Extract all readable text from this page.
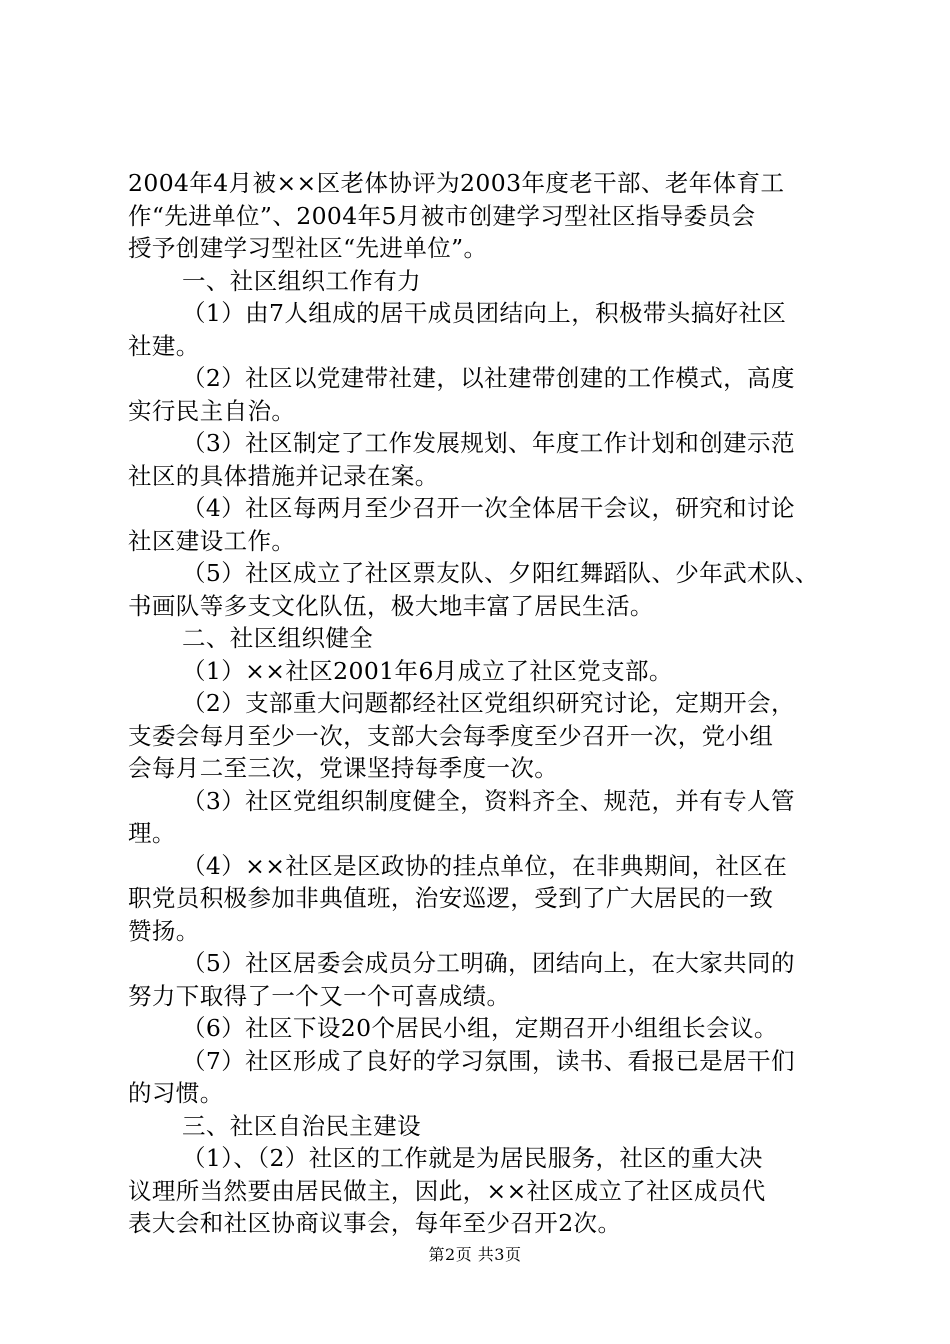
2004年4月被××区老体协评为2003年度老干部、老年体育工
作“先进单位”、2004年5月被市创建学习型社区指导委员会
授予创建学习型社区“先进单位”。
一、社区组织工作有力
（1）由7人组成的居干成员团结向上，积极带头搞好社区
社建。
（2）社区以党建带社建，以社建带创建的工作模式，高度
实行民主自治。
（3）社区制定了工作发展规划、年度工作计划和创建示范
社区的具体措施并记录在案。
（4）社区每两月至少召开一次全体居干会议，研究和讨论
社区建设工作。
（5）社区成立了社区票友队、夕阳红舞蹈队、少年武术队、
书画队等多支文化队伍，极大地丰富了居民生活。
二、社区组织健全
（1）××社区2001年6月成立了社区党支部。
（2）支部重大问题都经社区党组织研究讨论，定期开会，
支委会每月至少一次，支部大会每季度至少召开一次，党小组
会每月二至三次，党课坚持每季度一次。
（3）社区党组织制度健全，资料齐全、规范，并有专人管
理。
（4）××社区是区政协的挂点单位，在非典期间，社区在
职党员积极参加非典值班，治安巡逻，受到了广大居民的一致
赞扬。
（5）社区居委会成员分工明确，团结向上，在大家共同的
努力下取得了一个又一个可喜成绩。
（6）社区下设20个居民小组，定期召开小组组长会议。
（7）社区形成了良好的学习氛围，读书、看报已是居干们
的习惯。
三、社区自治民主建设
（1）、（2）社区的工作就是为居民服务，社区的重大决
议理所当然要由居民做主，因此，××社区成立了社区成员代
表大会和社区协商议事会，每年至少召开2次。
第2页 共3页
